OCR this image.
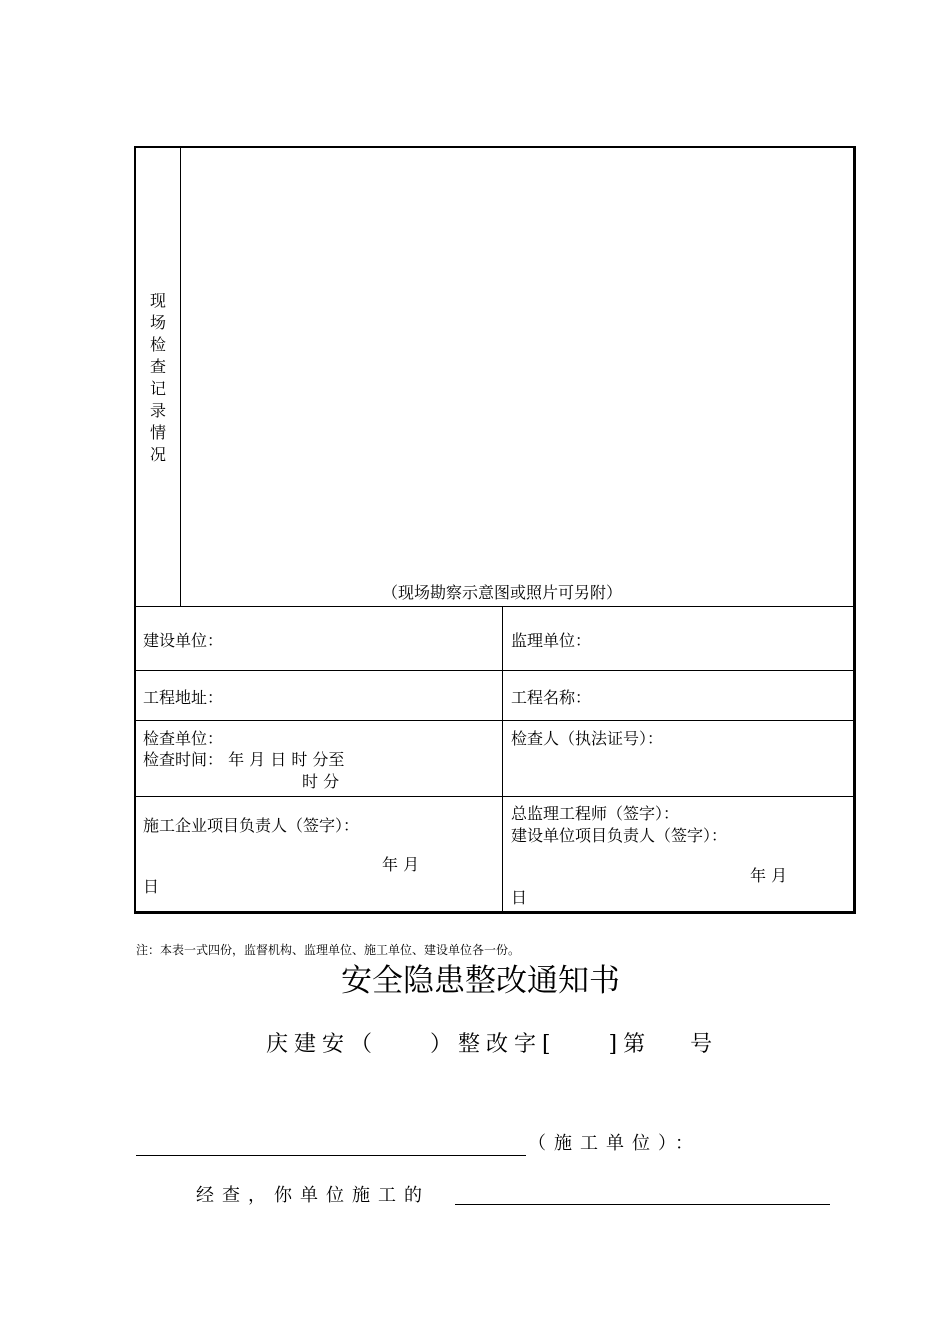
现场检查记录情况
（现场勘察示意图或照片可另附）
建设单位：	监理单位：
工程地址：	工程名称：
检查单位：
检查时间： 年 月 日 时 分至
时 分
检查人（执法证号）：
施工企业项目负责人（签字）：
年 月
日
总监理工程师（签字）：
建设单位项目负责人（签字）：
年 月
日
注：本表一式四份，监督机构、监理单位、施工单位、建设单位各一份。
安全隐患整改通知书
庆建安（    ）整改字[    ]第   号
（施工单位）：
经查，你单位施工的
